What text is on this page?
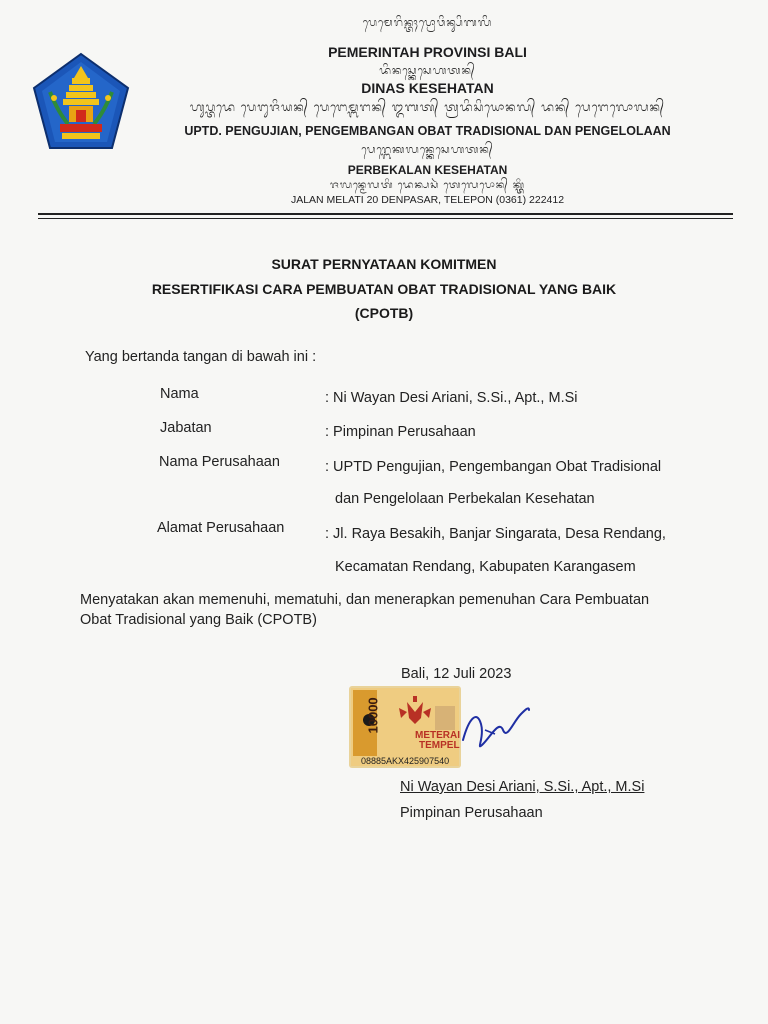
ᬧᬾᬫᬾᬭᬶᬦ᭄ᬢᬄᬧ᭄ᬭᭀᬯᬶᬦ᭄ᬲᬶᬩᬮᬶ
PEMERINTAH PROVINSI BALI
ᬤᬶᬦᬲ᭄ᬓᬾᬲᬾᬳᬢᬦ᭄
DINAS KESEHATAN
ᬳᬸᬧ᭄ᬢᬤᬾ ᬧᬾᬗᬸᬚᬶᬬᬦ᭄ ᬧᬾᬗᬾᬫ᭄ᬩᬗᬦ᭄ ᬑᬩᬢ᭄ ᬢ᭄ᬭᬤᬶᬲᬶᬬᭀᬦᬮ᭄ ᬤᬦ᭄ ᬧᬾᬗᬾᬮᭀᬮᬦ᭄
UPTD. PENGUJIAN, PENGEMBANGAN OBAT TRADISIONAL DAN PENGELOLAAN
ᬧᬾᬭ᭄ᬩᬾᬓᬮᬦ᭄ᬓᬾᬲᬾᬳᬢᬦ᭄
PERBEKALAN KESEHATAN
ᬚᬮᬦ᭄ᬫᬾᬮᬢᬶ ᬤᬾᬦ᭄ᬧᬲᬃ ᬢᬾᬮᬾᬧᭀᬦ᭄ ᬓ᭄ᬢ᭄ᬢᬶ
JALAN MELATI 20 DENPASAR, TELEPON (0361) 222412
SURAT PERNYATAAN KOMITMEN
RESERTIFIKASI CARA PEMBUATAN OBAT TRADISIONAL YANG BAIK
(CPOTB)
Yang bertanda tangan di bawah ini :
Nama	: Ni Wayan Desi Ariani, S.Si., Apt., M.Si
Jabatan	: Pimpinan Perusahaan
Nama Perusahaan	: UPTD Pengujian, Pengembangan Obat Tradisional
dan Pengelolaan Perbekalan Kesehatan
Alamat Perusahaan	: Jl. Raya Besakih, Banjar Singarata, Desa Rendang,
Kecamatan Rendang, Kabupaten Karangasem
Menyatakan akan memenuhi, mematuhi, dan menerapkan pemenuhan Cara Pembuatan
Obat Tradisional yang Baik (CPOTB)
Bali, 12 Juli 2023
10000
METERAI
TEMPEL
08885AKX425907540
Ni Wayan Desi Ariani, S.Si., Apt., M.Si
Pimpinan Perusahaan
